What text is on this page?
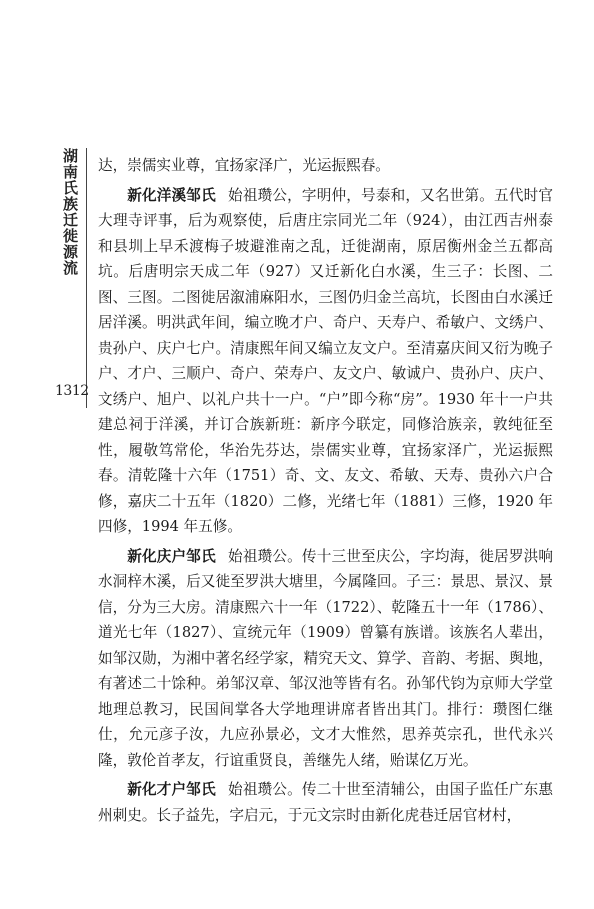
湖南氏族迁徙源流
1312

达，崇儒实业尊，宜扬家泽广，光运振熙春。

新化洋溪邹氏 始祖瓒公，字明仲，号泰和，又名世第。五代时官大理寺评事，后为观察使，后唐庄宗同光二年（924），由江西吉州泰和县圳上早禾渡梅子坡避淮南之乱，迁徙湖南，原居衡州金兰五都高坑。后唐明宗天成二年（927）又迁新化白水溪，生三子：长图、二图、三图。二图徙居溆浦麻阳水，三图仍归金兰高坑，长图由白水溪迁居洋溪。明洪武年间，编立晚才户、奇户、天寿户、希敏户、文绣户、贵孙户、庆户七户。清康熙年间又编立友文户。至清嘉庆间又衍为晚子户、才户、三顺户、奇户、荣寿户、友文户、敏诚户、贵孙户、庆户、文绣户、旭户、以礼户共十一户。“户”即今称“房”。1930 年十一户共建总祠于洋溪，并订合族新班：新序今联定，同修洽族亲，敦纯征至性，履敬笃常伦，华治先芬达，崇儒实业尊，宜扬家泽广，光运振熙春。清乾隆十六年（1751）奇、文、友文、希敏、天寿、贵孙六户合修，嘉庆二十五年（1820）二修，光绪七年（1881）三修，1920 年四修，1994 年五修。

新化庆户邹氏 始祖瓒公。传十三世至庆公，字均海，徙居罗洪响水洞梓木溪，后又徙至罗洪大塘里，今属隆回。子三：景思、景汉、景信，分为三大房。清康熙六十一年（1722）、乾隆五十一年（1786）、道光七年（1827）、宣统元年（1909）曾纂有族谱。该族名人辈出，如邹汉勋，为湘中著名经学家，精究天文、算学、音韵、考据、舆地，有著述二十馀种。弟邹汉章、邹汉池等皆有名。孙邹代钧为京师大学堂地理总教习，民国间掌各大学地理讲席者皆出其门。排行：瓒图仁继仕，允元彦子汝，九应孙景必，文才大惟然，思养英宗孔，世代永兴隆，敦伦首孝友，行谊重贤良，善继先人绪，贻谋亿万光。

新化才户邹氏 始祖瓒公。传二十世至清辅公，由国子监任广东惠州刺史。长子益先，字启元，于元文宗时由新化虎巷迁居官材村，
